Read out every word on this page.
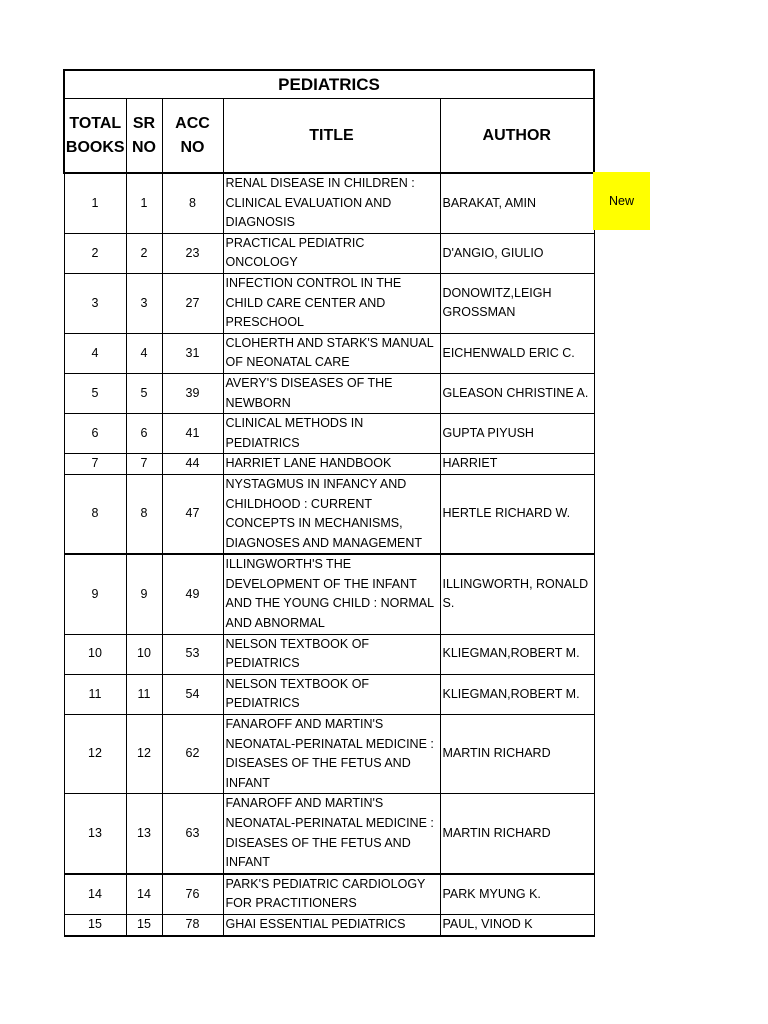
PEDIATRICS				
TOTAL BOOKS	SR NO	ACC NO	TITLE	AUTHOR
1	1	8	RENAL DISEASE IN CHILDREN : CLINICAL EVALUATION AND DIAGNOSIS	BARAKAT, AMIN
2	2	23	PRACTICAL PEDIATRIC ONCOLOGY	D'ANGIO, GIULIO
3	3	27	INFECTION CONTROL IN THE CHILD CARE CENTER AND PRESCHOOL	DONOWITZ,LEIGH GROSSMAN
4	4	31	CLOHERTH AND STARK'S MANUAL OF NEONATAL CARE	EICHENWALD ERIC C.
5	5	39	AVERY'S DISEASES OF THE NEWBORN	GLEASON CHRISTINE A.
6	6	41	CLINICAL METHODS IN PEDIATRICS	GUPTA PIYUSH
7	7	44	HARRIET LANE HANDBOOK	HARRIET
8	8	47	NYSTAGMUS IN INFANCY AND CHILDHOOD : CURRENT CONCEPTS IN MECHANISMS, DIAGNOSES AND MANAGEMENT	HERTLE RICHARD W.
9	9	49	ILLINGWORTH'S THE DEVELOPMENT OF THE INFANT AND THE YOUNG CHILD : NORMAL AND ABNORMAL	ILLINGWORTH, RONALD S.
10	10	53	NELSON TEXTBOOK OF PEDIATRICS	KLIEGMAN,ROBERT M.
11	11	54	NELSON TEXTBOOK OF PEDIATRICS	KLIEGMAN,ROBERT M.
12	12	62	FANAROFF AND MARTIN'S NEONATAL-PERINATAL MEDICINE : DISEASES OF THE FETUS AND INFANT	MARTIN RICHARD
13	13	63	FANAROFF AND MARTIN'S NEONATAL-PERINATAL MEDICINE : DISEASES OF THE FETUS AND INFANT	MARTIN RICHARD
14	14	76	PARK'S PEDIATRIC CARDIOLOGY FOR PRACTITIONERS	PARK MYUNG K.
15	15	78	GHAI ESSENTIAL PEDIATRICS	PAUL, VINOD K
New
